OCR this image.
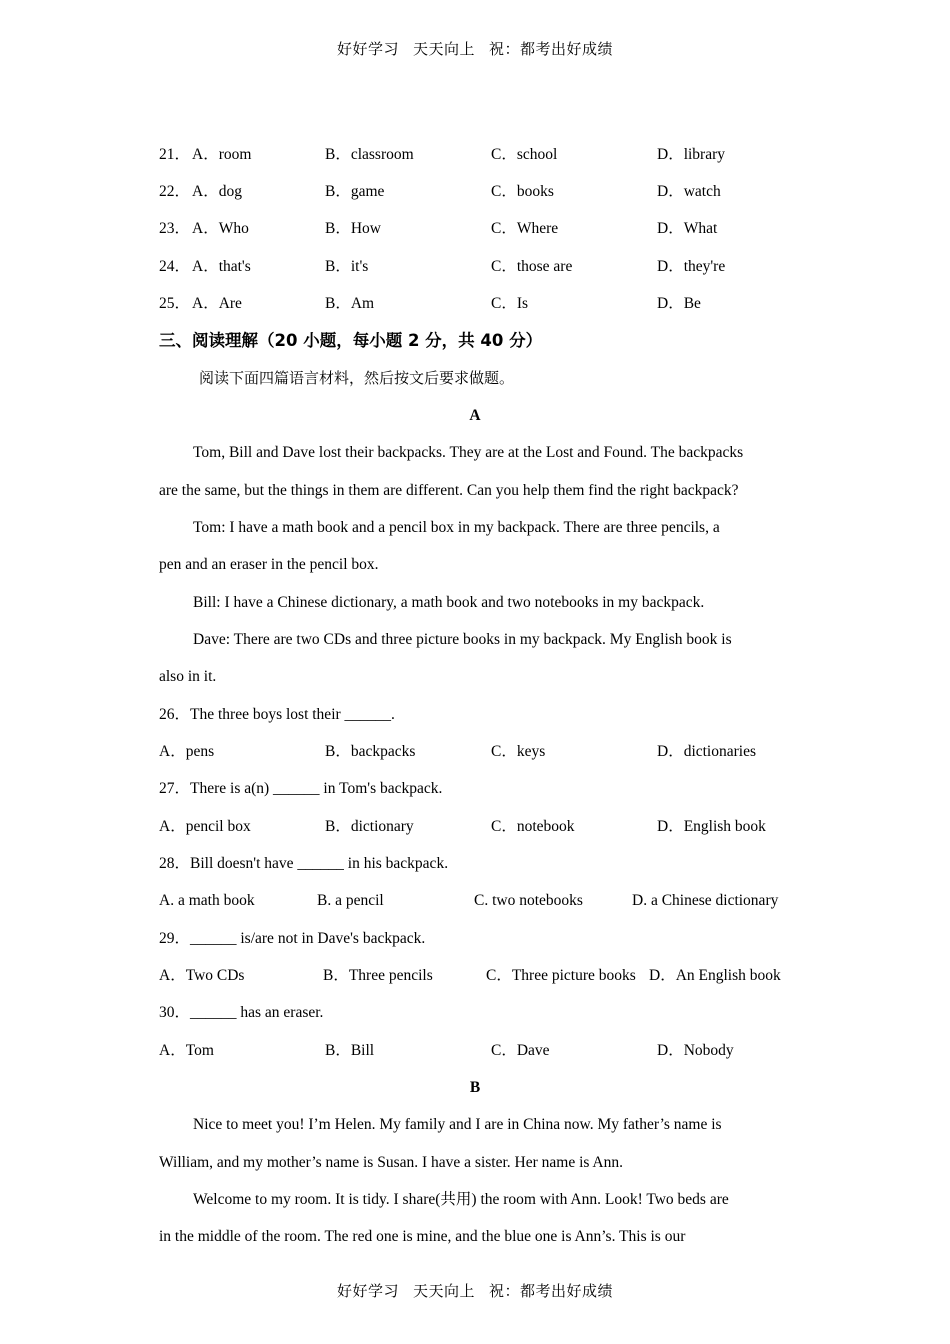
好好学习 天天向上 祝：都考出好成绩
21． A．room	B．classroom	C．school	D．library
22． A．dog	B．game	C．books	D．watch
23． A．Who	B．How	C．Where	D．What
24． A．that's	B．it's	C．those are	D．they're
25． A．Are	B．Am	C．Is	D．Be
三、阅读理解（20 小题，每小题 2 分，共 40 分）
阅读下面四篇语言材料，然后按文后要求做题。
A
Tom, Bill and Dave lost their backpacks. They are at the Lost and Found. The backpacks
are the same, but the things in them are different. Can you help them find the right backpack?
Tom: I have a math book and a pencil box in my backpack. There are three pencils, a
pen and an eraser in the pencil box.
Bill: I have a Chinese dictionary, a math book and two notebooks in my backpack.
Dave: There are two CDs and three picture books in my backpack. My English book is
also in it.
26．The three boys lost their ______.
A．pens	B．backpacks	C．keys	D．dictionaries
27．There is a(n) ______ in Tom's backpack.
A．pencil box	B．dictionary	C．notebook	D．English book
28．Bill doesn't have ______ in his backpack.
A. a math book	B. a pencil	C. two notebooks	D. a Chinese dictionary
29．______ is/are not in Dave's backpack.
A．Two CDs	B．Three pencils	C．Three picture books D．An English book
30．______ has an eraser.
A．Tom	B．Bill	C．Dave	D．Nobody
B
Nice to meet you! I’m Helen. My family and I are in China now. My father’s name is
William, and my mother’s name is Susan. I have a sister. Her name is Ann.
Welcome to my room. It is tidy. I share(共用) the room with Ann. Look! Two beds are
in the middle of the room. The red one is mine, and the blue one is Ann’s. This is our
好好学习 天天向上 祝：都考出好成绩
